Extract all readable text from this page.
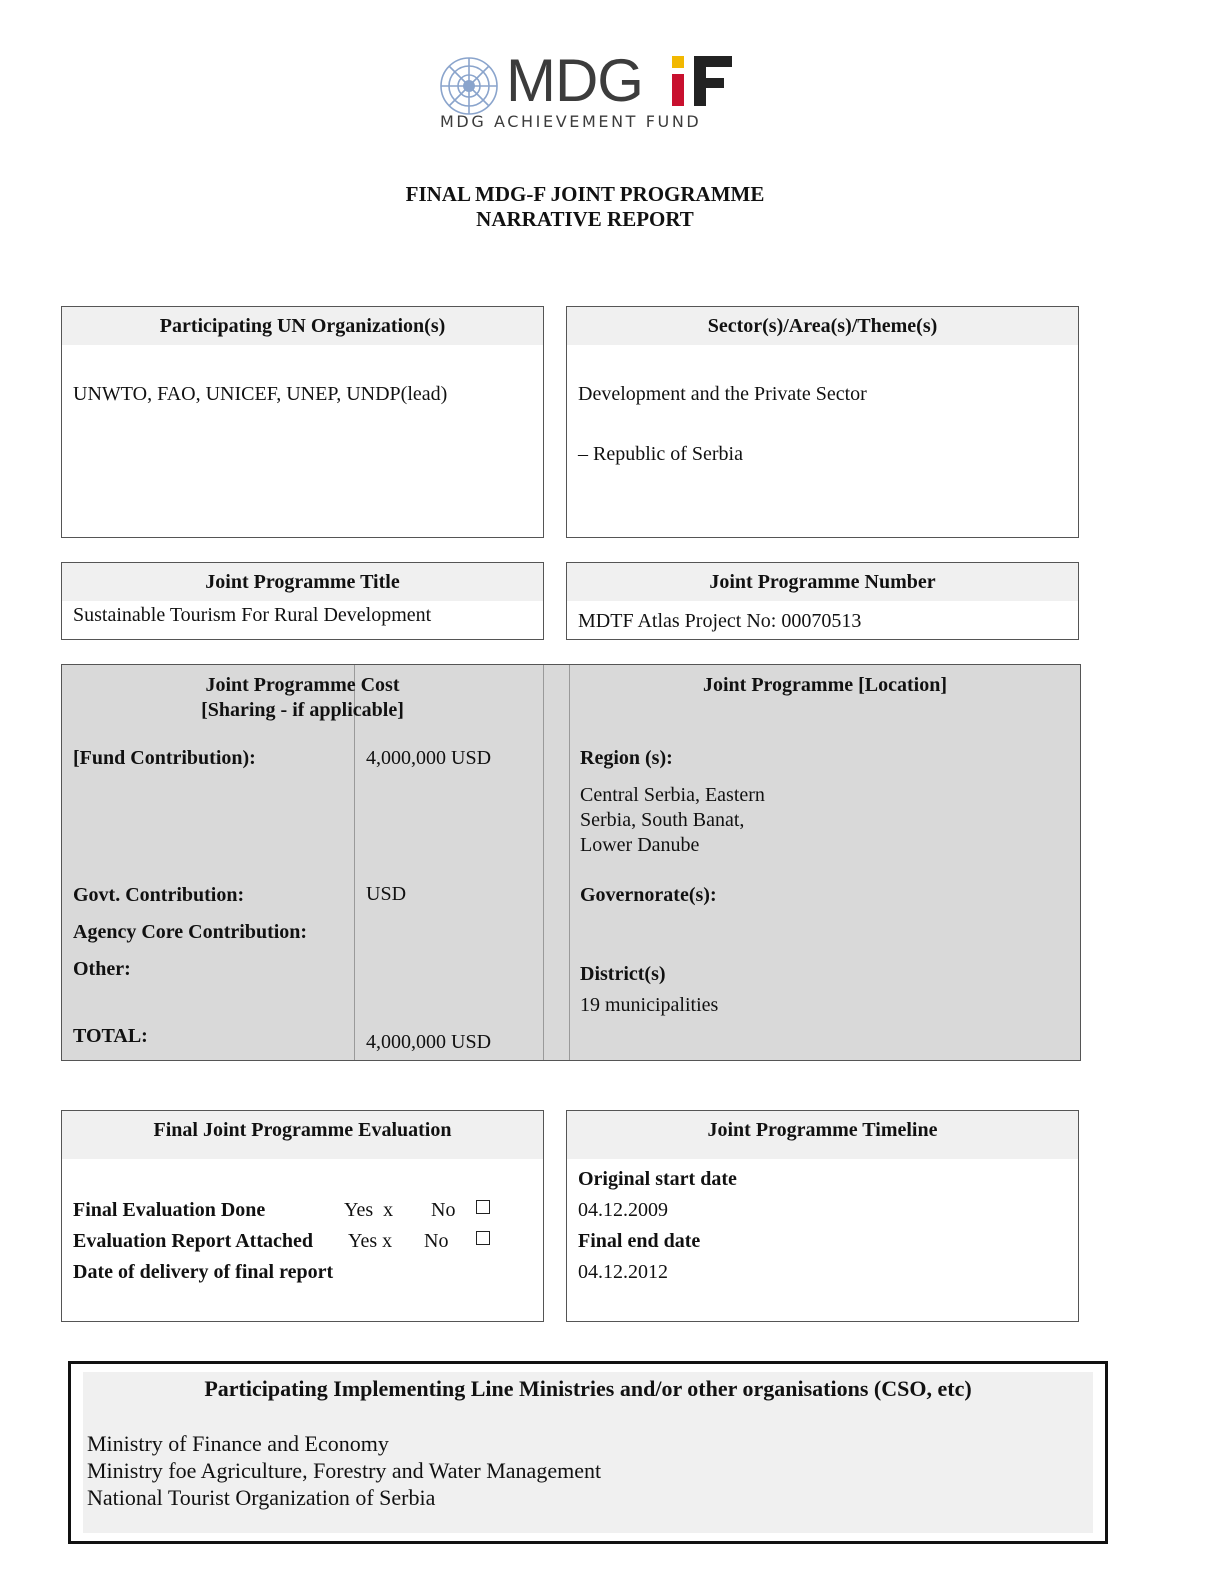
MDG
MDG ACHIEVEMENT FUND
FINAL MDG-F JOINT PROGRAMME
NARRATIVE REPORT
Participating UN Organization(s)
UNWTO, FAO, UNICEF, UNEP, UNDP(lead)
Sector(s)/Area(s)/Theme(s)
Development and the Private Sector
– Republic of Serbia
Joint Programme Title
Sustainable Tourism For Rural Development
Joint Programme Number
MDTF Atlas Project No: 00070513
Joint Programme Cost
[Sharing - if applicable]
[Fund Contribution):	4,000,000 USD
Govt. Contribution:	USD
Agency Core Contribution:
Other:
TOTAL:	4,000,000 USD
Joint Programme [Location]
Region (s):
Central Serbia, Eastern
Serbia, South Banat,
Lower Danube
Governorate(s):
District(s)
19 municipalities
Final Joint Programme Evaluation
Final Evaluation Done	Yes  x No
Evaluation Report Attached Yes x No
Date of delivery of final report
Joint Programme Timeline
Original start date
04.12.2009
Final end date
04.12.2012
Participating Implementing Line Ministries and/or other organisations (CSO, etc)
Ministry of Finance and Economy
Ministry foe Agriculture, Forestry and Water Management
National Tourist Organization of Serbia
